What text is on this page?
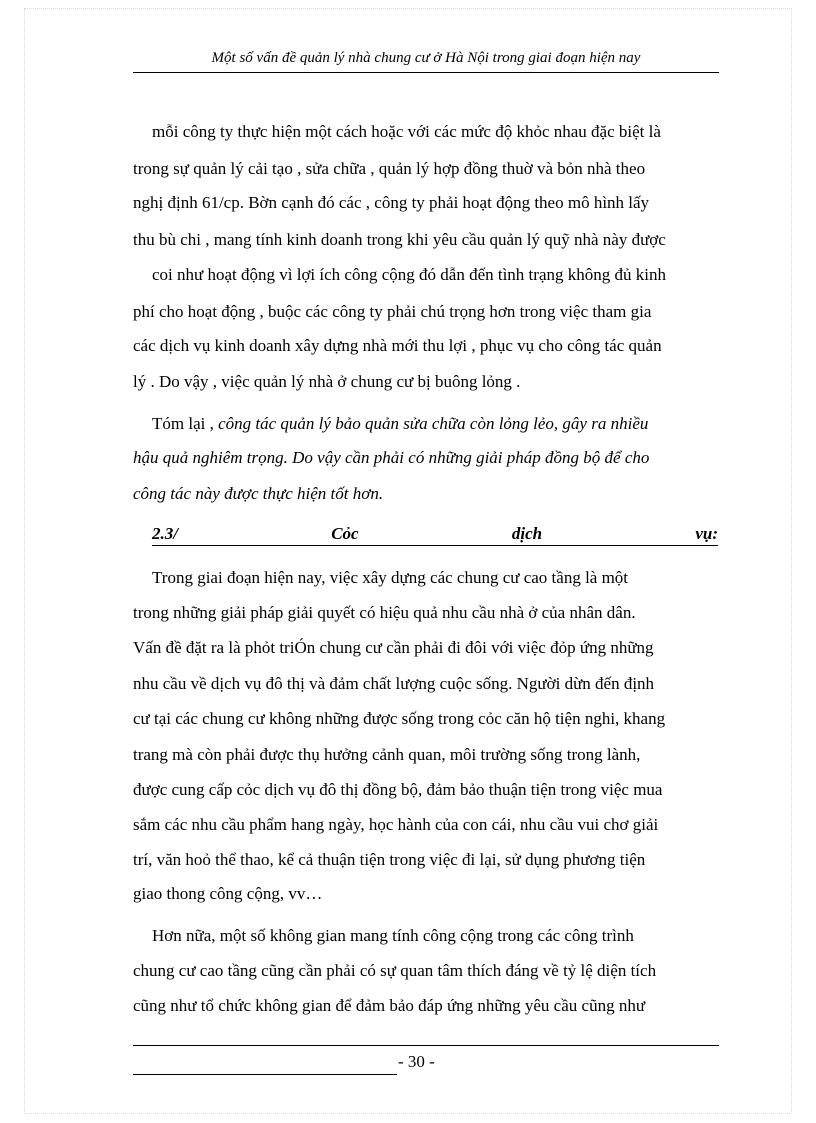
Một số vấn đề quản lý nhà chung cư ở Hà Nội trong giai đoạn hiện nay
mỗi công ty thực hiện một cách hoặc với các mức độ khỏc nhau đặc biệt là
trong sự quản lý cải tạo , sửa chữa , quản lý hợp đồng thuờ và bỏn nhà theo
nghị định 61/cp. Bờn cạnh đó các , công ty phải hoạt động theo mô hình lấy
thu bù chi , mang tính kinh doanh trong khi yêu cầu quản lý quỹ nhà này được
coi như hoạt động vì lợi ích công cộng đó dẫn đến tình trạng không đủ kinh
phí cho hoạt động , buộc các công ty phải chú trọng hơn trong việc tham gia
các dịch vụ kinh doanh xây dựng nhà mới thu lợi , phục vụ cho công tác quản
lý . Do vậy , việc quản lý nhà ở chung cư bị buông lỏng .
Tóm lại , công tác quản lý bảo quản sửa chữa còn lỏng lẻo, gây ra nhiều
hậu quả nghiêm trọng. Do vậy cần phải có những giải pháp đồng bộ để cho
công tác này được thực hiện tốt hơn.
2.3/	Cỏc	dịch	vụ:
Trong giai đoạn hiện nay, việc xây dựng các chung cư cao tầng là một
trong những giải pháp giải quyết có hiệu quả nhu cầu nhà ở của nhân dân.
Vấn đề đặt ra là phỏt triÓn chung cư cần phải đi đôi với việc đỏp ứng những
nhu cầu về dịch vụ đô thị và đảm chất lượng cuộc sống. Người dừn đến định
cư tại các chung cư không những được sống trong cỏc căn hộ tiện nghi, khang
trang mà còn phải được thụ hưởng cảnh quan, môi trường sống trong lành,
được cung cấp cỏc dịch vụ đô thị đồng bộ, đảm bảo thuận tiện trong việc mua
sắm các nhu cầu phẩm hang ngày, học hành của con cái, nhu cầu vui chơ giải
trí, văn hoỏ thể thao, kể cả thuận tiện trong việc đi lại, sử dụng phương tiện
giao thong công cộng, vv…
Hơn nữa, một số không gian mang tính công cộng trong các công trình
chung cư cao tầng cũng cần phải có sự quan tâm thích đáng về tỷ lệ diện tích
cũng như tổ chức không gian để đảm bảo đáp ứng những yêu cầu cũng như
- 30 -
